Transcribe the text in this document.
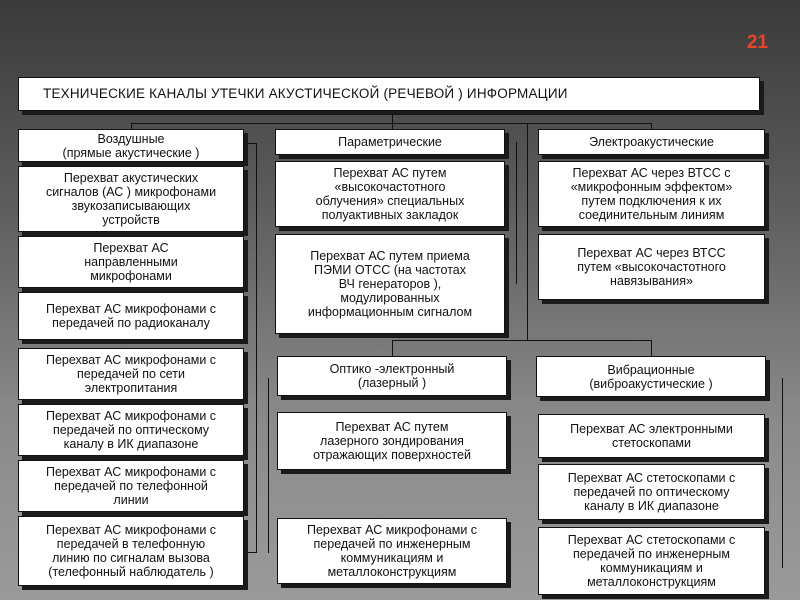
21
ТЕХНИЧЕСКИЕ КАНАЛЫ УТЕЧКИ АКУСТИЧЕСКОЙ (РЕЧЕВОЙ ) ИНФОРМАЦИИ
Воздушные
(прямые акустические )
Параметрические	Электроакустические
Оптико -электронный
(лазерный )
Вибрационные
(виброакустические )
Перехват акустических
сигналов (АС ) микрофонами
звукозаписывающих
устройств
Перехват АС
направленными
микрофонами
Перехват АС микрофонами с
передачей по радиоканалу
Перехват АС микрофонами с
передачей по сети
электропитания
Перехват АС микрофонами с
передачей по оптическому
каналу в ИК диапазоне
Перехват АС микрофонами с
передачей по телефонной
линии
Перехват АС микрофонами с
передачей в телефонную
линию по сигналам вызова
(телефонный наблюдатель )
Перехват АС путем
«высокочастотного
облучения» специальных
полуактивных закладок
Перехват АС путем приема
ПЭМИ ОТСС (на частотах
ВЧ генераторов ),
модулированных
информационным сигналом
Перехват АС через ВТСС с
«микрофонным эффектом»
путем подключения к их
соединительным линиям
Перехват АС через ВТСС
путем «высокочастотного
навязывания»
Перехват АС путем
лазерного зондирования
отражающих поверхностей
Перехват АС микрофонами с
передачей по инженерным
коммуникациям и
металлоконструкциям
Перехват АС электронными
стетоскопами
Перехват АС стетоскопами с
передачей по оптическому
каналу в ИК диапазоне
Перехват АС стетоскопами с
передачей по инженерным
коммуникациям и
металлоконструкциям
